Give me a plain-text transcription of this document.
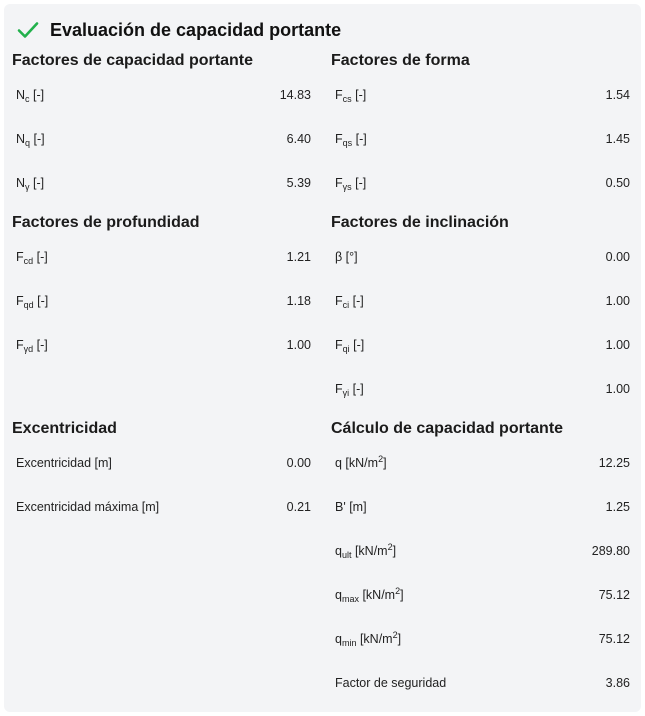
Evaluación de capacidad portante
Factores de capacidad portante
$N_c$ [-]	14.83
$N_q$ [-]	6.40
$N_\gamma$ [-]	5.39
Factores de forma
$F_{cs}$ [-]	1.54
$F_{qs}$ [-]	1.45
$F_{\gamma s}$ [-]	0.50
Factores de profundidad
$F_{cd}$ [-]	1.21
$F_{qd}$ [-]	1.18
$F_{\gamma d}$ [-]	1.00
Factores de inclinación
β [°]	0.00
$F_{ci}$ [-]	1.00
$F_{qi}$ [-]	1.00
$F_{\gamma i}$ [-]	1.00
Excentricidad
Excentricidad [m]	0.00
Excentricidad máxima [m]	0.21
Cálculo de capacidad portante
q $[kN/m^2]$	12.25
B' [m]	1.25
$q_{ult}$ $[kN/m^2]$	289.80
$q_{max}$ $[kN/m^2]$	75.12
$q_{min}$ $[kN/m^2]$	75.12
Factor de seguridad	3.86
